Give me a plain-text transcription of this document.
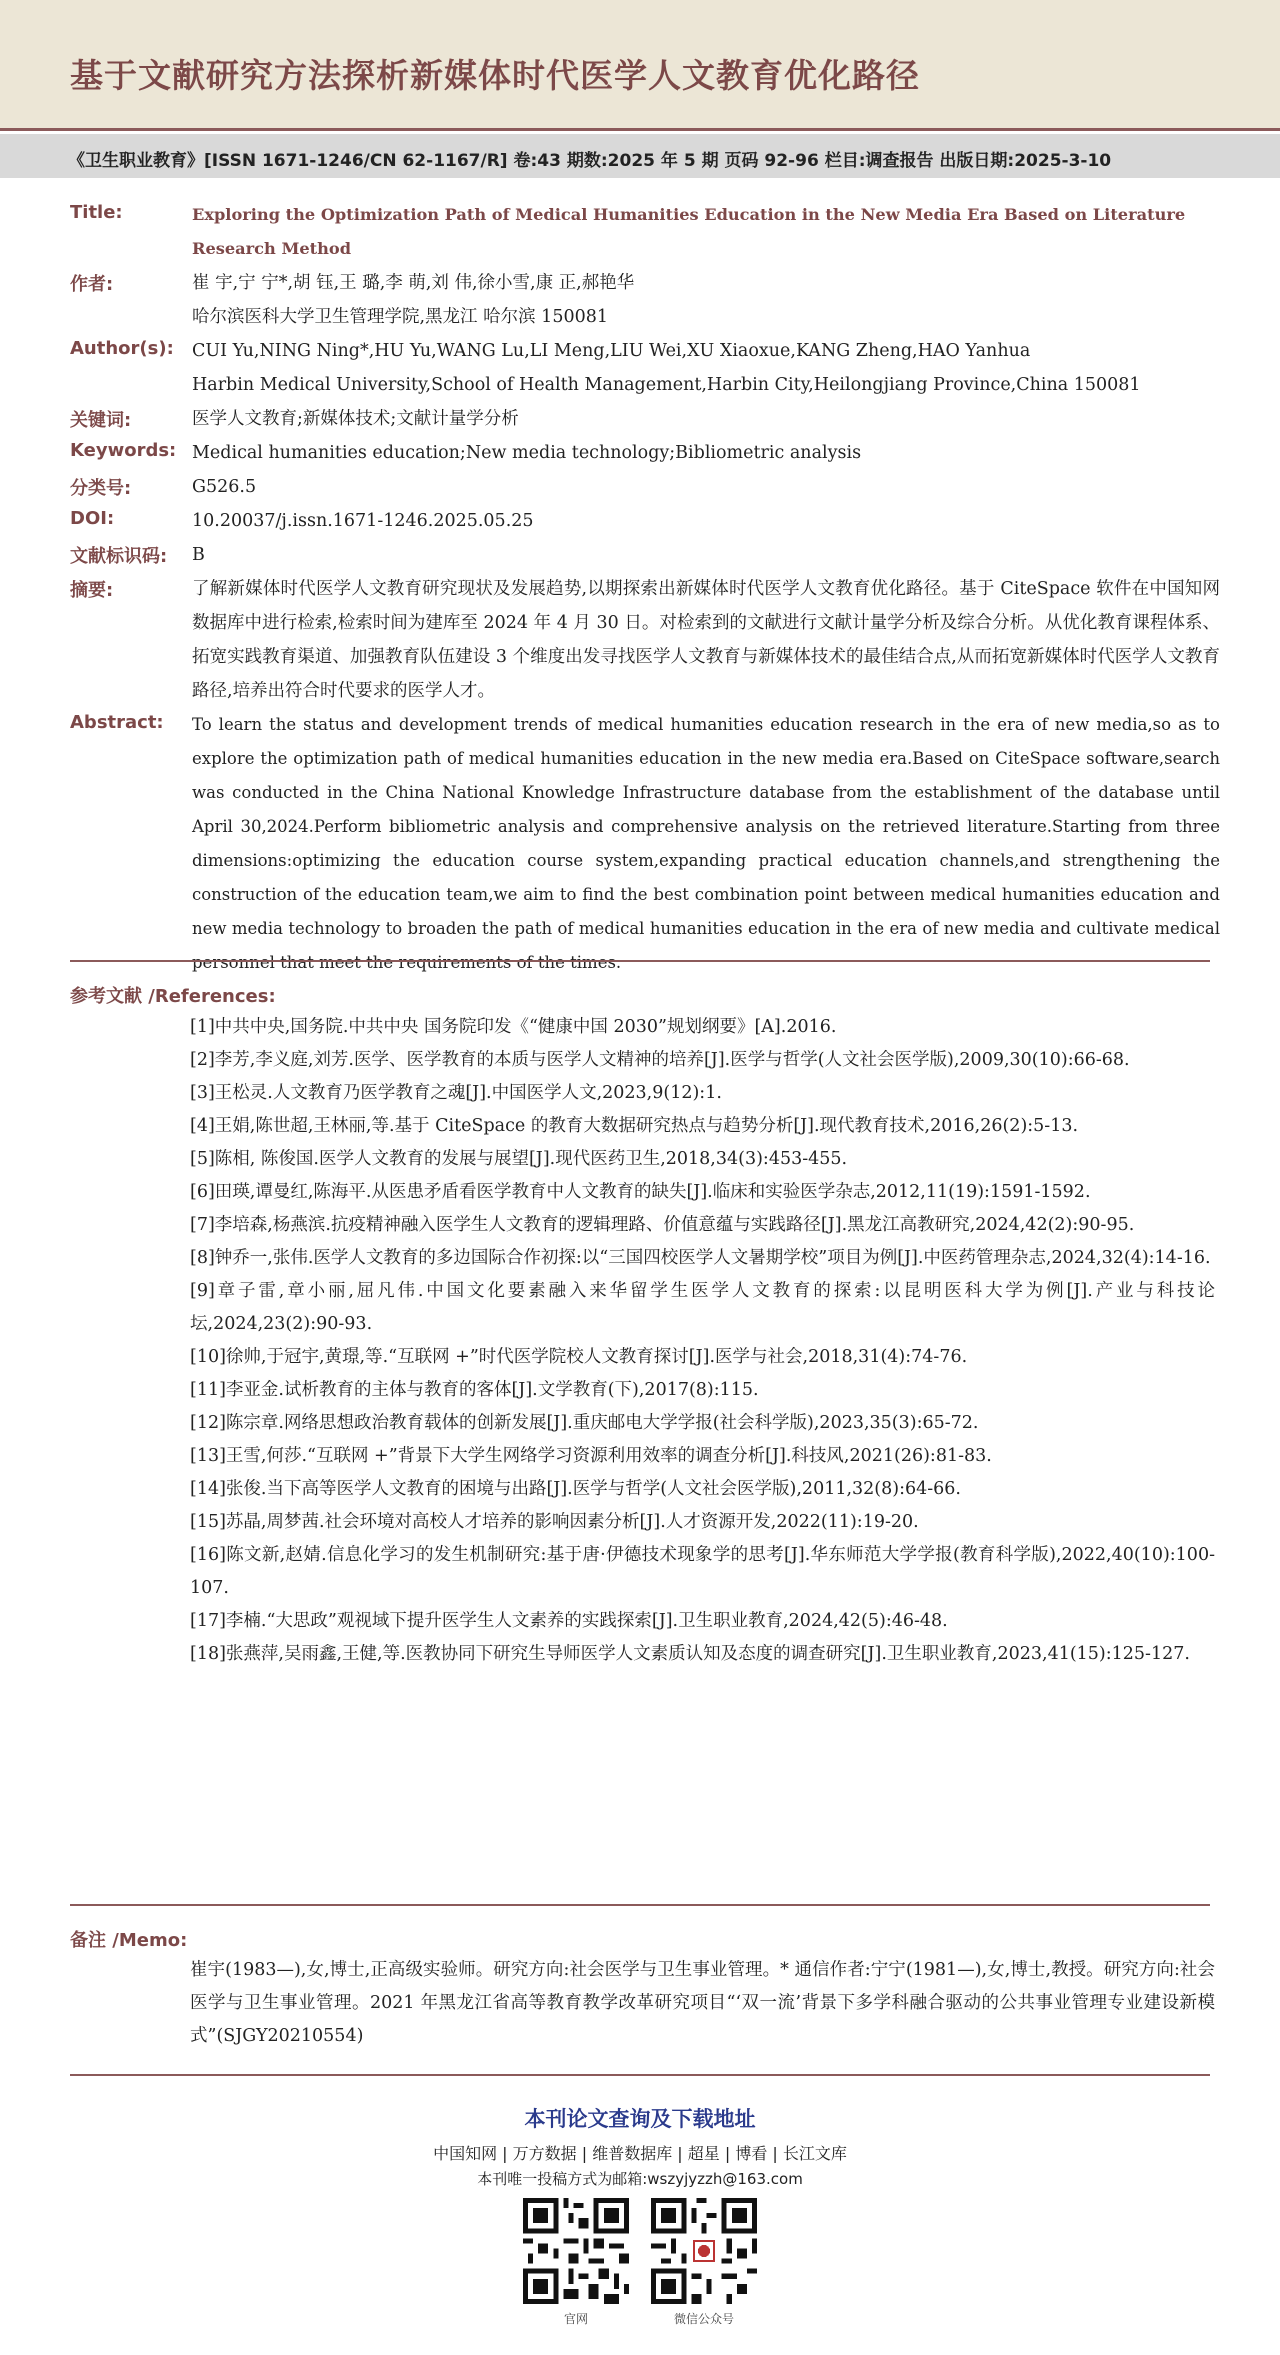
基于文献研究方法探析新媒体时代医学人文教育优化路径
《卫生职业教育》[ISSN 1671-1246/CN 62-1167/R] 卷:43 期数:2025 年 5 期 页码 92-96 栏目:调查报告 出版日期:2025-3-10
Title:	Exploring the Optimization Path of Medical Humanities Education in the New Media Era Based on Literature Research Method
作者:	崔 宇,宁 宁*,胡 钰,王 璐,李 萌,刘 伟,徐小雪,康 正,郝艳华
哈尔滨医科大学卫生管理学院,黑龙江 哈尔滨 150081
Author(s): CUI Yu,NING Ning*,HU Yu,WANG Lu,LI Meng,LIU Wei,XU Xiaoxue,KANG Zheng,HAO Yanhua
Harbin Medical University,School of Health Management,Harbin City,Heilongjiang Province,China 150081
关键词:	医学人文教育;新媒体技术;文献计量学分析
Keywords: Medical humanities education;New media technology;Bibliometric analysis
分类号:	G526.5
DOI:	10.20037/j.issn.1671-1246.2025.05.25
文献标识码: B
摘要:	了解新媒体时代医学人文教育研究现状及发展趋势,以期探索出新媒体时代医学人文教育优化路径。基于 CiteSpace 软件在中国知网数据库中进行检索,检索时间为建库至 2024 年 4 月 30 日。对检索到的文献进行文献计量学分析及综合分析。从优化教育课程体系、拓宽实践教育渠道、加强教育队伍建设 3 个维度出发寻找医学人文教育与新媒体技术的最佳结合点,从而拓宽新媒体时代医学人文教育路径,培养出符合时代要求的医学人才。
Abstract: To learn the status and development trends of medical humanities education research in the era of new media,so as to explore the optimization path of medical humanities education in the new media era.Based on CiteSpace software,search was conducted in the China National Knowledge Infrastructure database from the establishment of the database until April 30,2024.Perform bibliometric analysis and comprehensive analysis on the retrieved literature.Starting from three dimensions:optimizing the education course system,expanding practical education channels,and strengthening the construction of the education team,we aim to find the best combination point between medical humanities education and new media technology to broaden the path of medical humanities education in the era of new media and cultivate medical personnel that meet the requirements of the times.
参考文献 /References:
[1]中共中央,国务院.中共中央 国务院印发《“健康中国 2030”规划纲要》[A].2016.
[2]李芳,李义庭,刘芳.医学、医学教育的本质与医学人文精神的培养[J].医学与哲学(人文社会医学版),2009,30(10):66-68.
[3]王松灵.人文教育乃医学教育之魂[J].中国医学人文,2023,9(12):1.
[4]王娟,陈世超,王林丽,等.基于 CiteSpace 的教育大数据研究热点与趋势分析[J].现代教育技术,2016,26(2):5-13.
[5]陈相, 陈俊国.医学人文教育的发展与展望[J].现代医药卫生,2018,34(3):453-455.
[6]田瑛,谭曼红,陈海平.从医患矛盾看医学教育中人文教育的缺失[J].临床和实验医学杂志,2012,11(19):1591-1592.
[7]李培森,杨燕滨.抗疫精神融入医学生人文教育的逻辑理路、价值意蕴与实践路径[J].黑龙江高教研究,2024,42(2):90-95.
[8]钟乔一,张伟.医学人文教育的多边国际合作初探:以“三国四校医学人文暑期学校”项目为例[J].中医药管理杂志,2024,32(4):14-16.
[9]章子雷,章小丽,屈凡伟.中国文化要素融入来华留学生医学人文教育的探索:以昆明医科大学为例[J].产业与科技论坛,2024,23(2):90-93.
[10]徐帅,于冠宇,黄璟,等.“互联网 +”时代医学院校人文教育探讨[J].医学与社会,2018,31(4):74-76.
[11]李亚金.试析教育的主体与教育的客体[J].文学教育(下),2017(8):115.
[12]陈宗章.网络思想政治教育载体的创新发展[J].重庆邮电大学学报(社会科学版),2023,35(3):65-72.
[13]王雪,何莎.“互联网 +”背景下大学生网络学习资源利用效率的调查分析[J].科技风,2021(26):81-83.
[14]张俊.当下高等医学人文教育的困境与出路[J].医学与哲学(人文社会医学版),2011,32(8):64-66.
[15]苏晶,周梦茜.社会环境对高校人才培养的影响因素分析[J].人才资源开发,2022(11):19-20.
[16]陈文新,赵婧.信息化学习的发生机制研究:基于唐·伊德技术现象学的思考[J].华东师范大学学报(教育科学版),2022,40(10):100-107.
[17]李楠.“大思政”观视域下提升医学生人文素养的实践探索[J].卫生职业教育,2024,42(5):46-48.
[18]张燕萍,吴雨鑫,王健,等.医教协同下研究生导师医学人文素质认知及态度的调查研究[J].卫生职业教育,2023,41(15):125-127.
备注 /Memo:
崔宇(1983—),女,博士,正高级实验师。研究方向:社会医学与卫生事业管理。* 通信作者:宁宁(1981—),女,博士,教授。研究方向:社会医学与卫生事业管理。2021 年黑龙江省高等教育教学改革研究项目“‘双一流’背景下多学科融合驱动的公共事业管理专业建设新模式”(SJGY20210554)
本刊论文查询及下载地址
中国知网 | 万方数据 | 维普数据库 | 超星 | 博看 | 长江文库
本刊唯一投稿方式为邮箱:wszyjyzzh@163.com
官网	微信公众号
